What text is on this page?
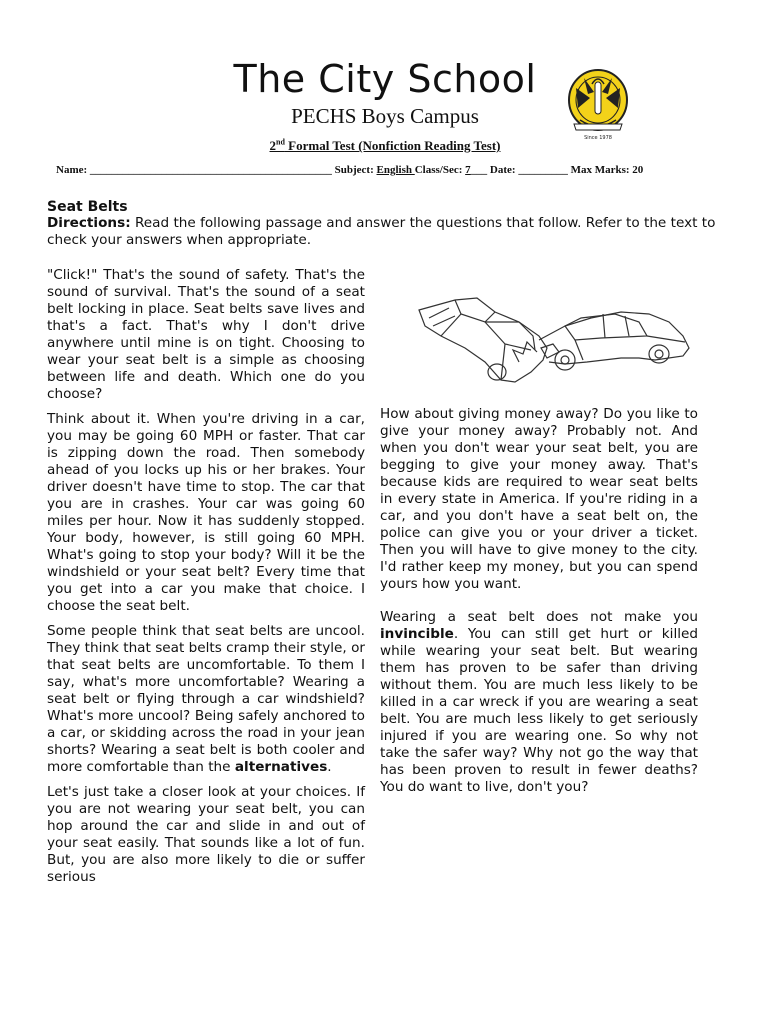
The City School
PECHS Boys Campus
2nd Formal Test (Nonfiction Reading Test)
Since 1978
Name: ____________________________________________ Subject: English Class/Sec: 7___ Date: _________ Max Marks: 20
Seat Belts
Directions: Read the following passage and answer the questions that follow. Refer to the text to check your answers when appropriate.

"Click!" That's the sound of safety. That's the sound of survival. That's the sound of a seat belt locking in place. Seat belts save lives and that's a fact. That's why I don't drive anywhere until mine is on tight. Choosing to wear your seat belt is a simple as choosing between life and death. Which one do you choose?

Think about it. When you're driving in a car, you may be going 60 MPH or faster. That car is zipping down the road. Then somebody ahead of you locks up his or her brakes. Your driver doesn't have time to stop. The car that you are in crashes. Your car was going 60 miles per hour. Now it has suddenly stopped. Your body, however, is still going 60 MPH. What's going to stop your body? Will it be the windshield or your seat belt? Every time that you get into a car you make that choice. I choose the seat belt.

Some people think that seat belts are uncool. They think that seat belts cramp their style, or that seat belts are uncomfortable. To them I say, what's more uncomfortable? Wearing a seat belt or flying through a car windshield? What's more uncool? Being safely anchored to a car, or skidding across the road in your jean shorts? Wearing a seat belt is both cooler and more comfortable than the alternatives.

Let's just take a closer look at your choices. If you are not wearing your seat belt, you can hop around the car and slide in and out of your seat easily. That sounds like a lot of fun. But, you are also more likely to die or suffer serious

How about giving money away? Do you like to give your money away? Probably not. And when you don't wear your seat belt, you are begging to give your money away. That's because kids are required to wear seat belts in every state in America. If you're riding in a car, and you don't have a seat belt on, the police can give you or your driver a ticket. Then you will have to give money to the city. I'd rather keep my money, but you can spend yours how you want.

Wearing a seat belt does not make you invincible. You can still get hurt or killed while wearing your seat belt. But wearing them has proven to be safer than driving without them. You are much less likely to be killed in a car wreck if you are wearing a seat belt. You are much less likely to get seriously injured if you are wearing one. So why not take the safer way? Why not go the way that has been proven to result in fewer deaths? You do want to live, don't you?
